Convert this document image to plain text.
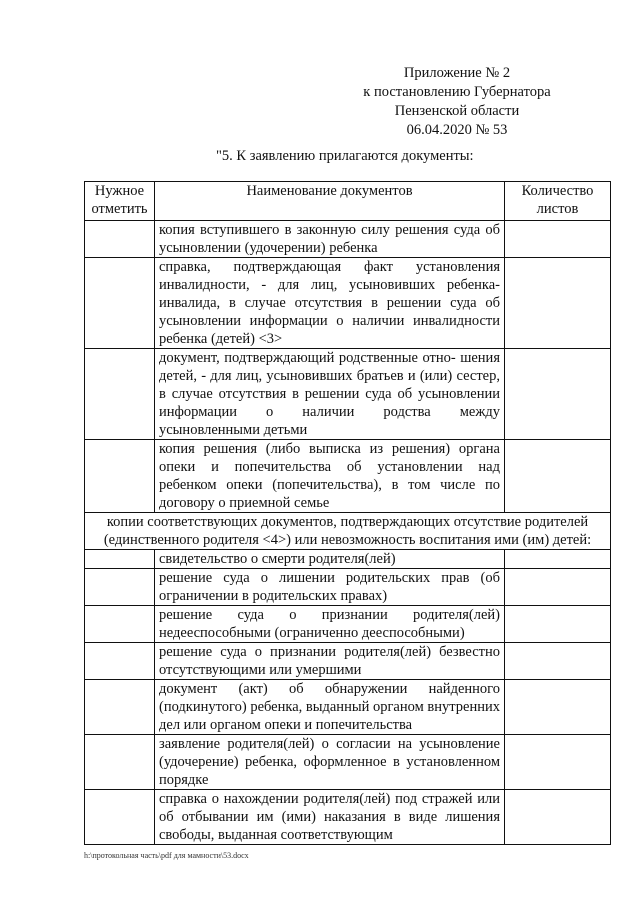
Приложение № 2
к постановлению Губернатора
Пензенской области
06.04.2020 № 53
"5. К заявлению прилагаются документы:
Нужное отметить	Наименование документов	Количество листов
	копия вступившего в законную силу решения суда об усыновлении (удочерении) ребенка	
	справка, подтверждающая факт установления инвалидности, - для лиц, усыновивших ребенка-инвалида, в случае отсутствия в решении суда об усыновлении информации о наличии инвалидности ребенка (детей) <3>	
	документ, подтверждающий родственные отно- шения детей, - для лиц, усыновивших братьев и (или) сестер, в случае отсутствия в решении суда об усыновлении информации о наличии родства между усыновленными детьми	
	копия решения (либо выписка из решения) органа опеки и попечительства об установлении над ребенком опеки (попечительства), в том числе по договору о приемной семье	
копии соответствующих документов, подтверждающих отсутствие родителей (единственного родителя <4>) или невозможность воспитания ими (им) детей:		
	свидетельство о смерти родителя(лей)	
	решение суда о лишении родительских прав (об ограничении в родительских правах)	
	решение суда о признании родителя(лей) недееспособными (ограниченно дееспособными)	
	решение суда о признании родителя(лей) безвестно отсутствующими или умершими	
	документ (акт) об обнаружении найденного (подкинутого) ребенка, выданный органом внутренних дел или органом опеки и попечительства	
	заявление родителя(лей) о согласии на усыновление (удочерение) ребенка, оформленное в установленном порядке	
	справка о нахождении родителя(лей) под стражей или об отбывании им (ими) наказания в виде лишения свободы, выданная соответствующим	
h:\протокольная часть\pdf для мамности\53.docx
